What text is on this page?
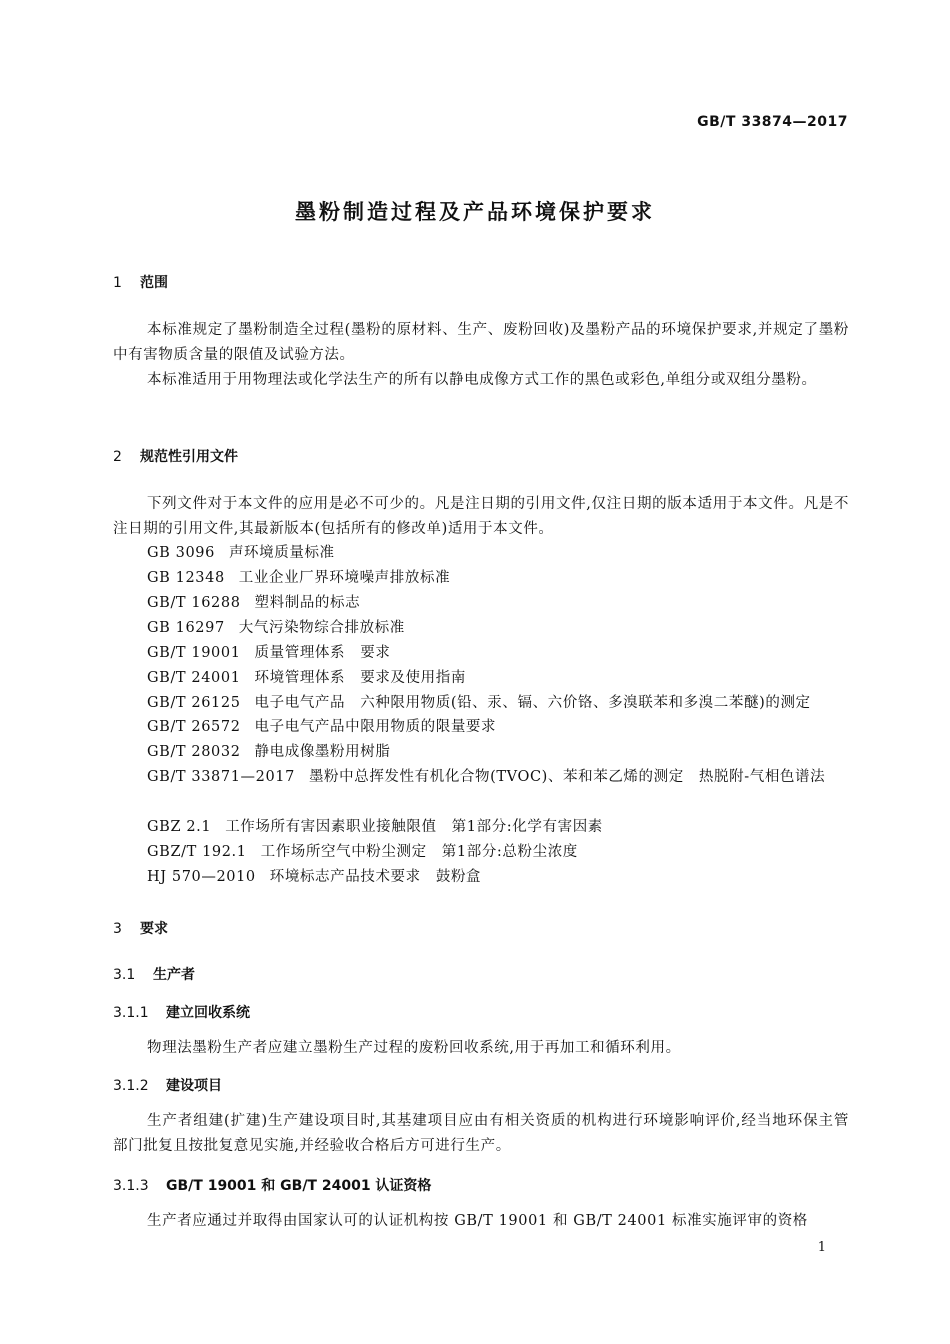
GB/T 33874—2017
墨粉制造过程及产品环境保护要求
1 范围
本标准规定了墨粉制造全过程(墨粉的原材料、生产、废粉回收)及墨粉产品的环境保护要求,并规定了墨粉中有害物质含量的限值及试验方法。
本标准适用于用物理法或化学法生产的所有以静电成像方式工作的黑色或彩色,单组分或双组分墨粉。
2 规范性引用文件
下列文件对于本文件的应用是必不可少的。凡是注日期的引用文件,仅注日期的版本适用于本文件。凡是不注日期的引用文件,其最新版本(包括所有的修改单)适用于本文件。
GB 3096 声环境质量标准
GB 12348 工业企业厂界环境噪声排放标准
GB/T 16288 塑料制品的标志
GB 16297 大气污染物综合排放标准
GB/T 19001 质量管理体系　要求
GB/T 24001 环境管理体系　要求及使用指南
GB/T 26125 电子电气产品　六种限用物质(铅、汞、镉、六价铬、多溴联苯和多溴二苯醚)的测定
GB/T 26572 电子电气产品中限用物质的限量要求
GB/T 28032 静电成像墨粉用树脂
GB/T 33871—2017 墨粉中总挥发性有机化合物(TVOC)、苯和苯乙烯的测定　热脱附-气相色谱法
GBZ 2.1 工作场所有害因素职业接触限值　第1部分:化学有害因素
GBZ/T 192.1 工作场所空气中粉尘测定　第1部分:总粉尘浓度
HJ 570—2010 环境标志产品技术要求　鼓粉盒
3 要求
3.1 生产者
3.1.1 建立回收系统
物理法墨粉生产者应建立墨粉生产过程的废粉回收系统,用于再加工和循环利用。
3.1.2 建设项目
生产者组建(扩建)生产建设项目时,其基建项目应由有相关资质的机构进行环境影响评价,经当地环保主管部门批复且按批复意见实施,并经验收合格后方可进行生产。
3.1.3 GB/T 19001 和 GB/T 24001 认证资格
生产者应通过并取得由国家认可的认证机构按 GB/T 19001 和 GB/T 24001 标准实施评审的资格
1
